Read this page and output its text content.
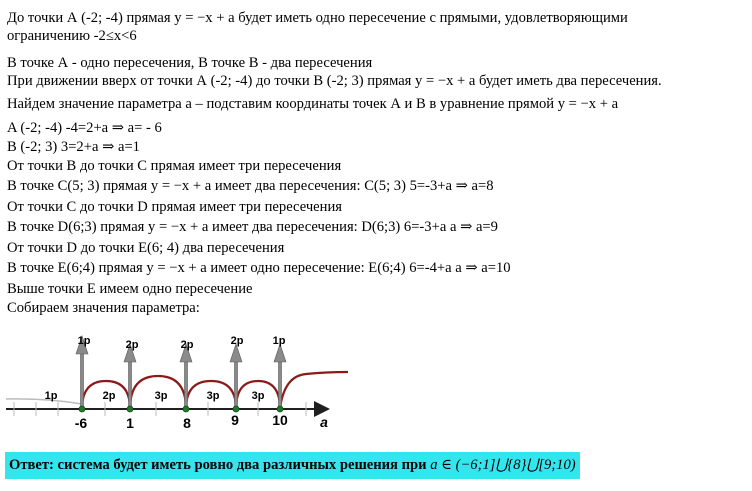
До точки А (-2; -4) прямая y = −x + a будет иметь одно пересечение с прямыми, удовлетворяющими
ограничению -2≤x<6
В точке А - одно пересечения, В точке В - два пересечения
При движении вверх от точки А (-2; -4) до точки В (-2; 3) прямая y = −x + a будет иметь два пересечения.
Найдем значение параметра а – подставим координаты точек А и В в уравнение прямой y = −x + a
A (-2; -4) -4=2+a ⇒ a= - 6
B (-2; 3) 3=2+a ⇒ a=1
От точки В до точки С прямая имеет три пересечения
В точке С(5; 3) прямая y = −x + a имеет два пересечения: С(5; 3) 5=-3+a ⇒ a=8
От точки С до точки D прямая имеет три пересечения
В точке D(6;3) прямая y = −x + a имеет два пересечения: D(6;3) 6=-3+a a ⇒ a=9
От точки D до точки E(6; 4) два пересечения
В точке E(6;4) прямая y = −x + a имеет одно пересечение: E(6;4) 6=-4+a a ⇒ a=10
Выше точки Е имеем одно пересечение
Собираем значения параметра:
1p	2p	2p	2p	1p
1p	2p	3p	3p	3p
-6	1	8	9 10 a
Ответ: система будет иметь ровно два различных решения при a ∈ (−6;1]⋃{8}⋃[9;10)
